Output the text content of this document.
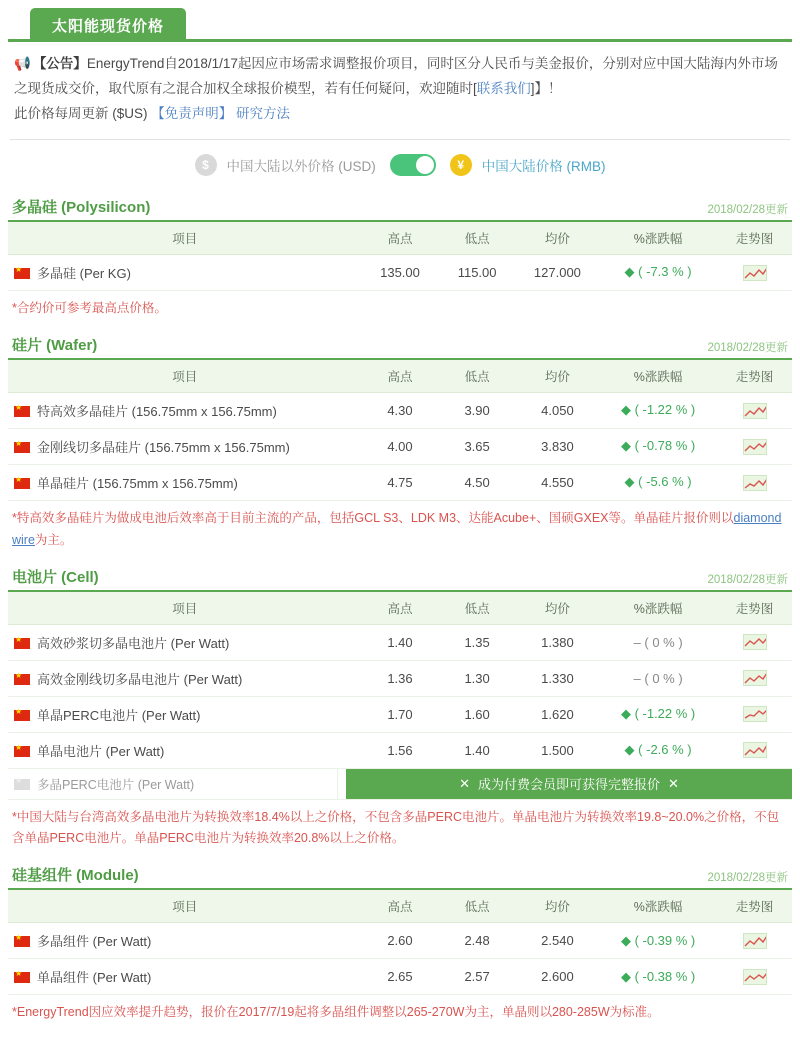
太阳能现货价格
📢 【公告】EnergyTrend自2018/1/17起因应市场需求调整报价项目，同时区分人民币与美金报价，分别对应中国大陆海内外市场之现货成交价，取代原有之混合加权全球报价模型，若有任何疑问，欢迎随时[联系我们]】！
此价格每周更新 ($US) 【免责声明】 研究方法
$	中国大陆以外价格 (USD)	¥	中国大陆价格 (RMB)
多晶硅 (Polysilicon)	2018/02/28更新
项目	高点	低点	均价	%涨跌幅	走势图
★多晶硅 (Per KG)	135.00	115.00	127.000	◆ ( -7.3 % )	
*合约价可参考最高点价格。
硅片 (Wafer)	2018/02/28更新
项目	高点	低点	均价	%涨跌幅	走势图
★特高效多晶硅片 (156.75mm x 156.75mm)	4.30	3.90	4.050	◆ ( -1.22 % )	

★金刚线切多晶硅片 (156.75mm x 156.75mm)	4.00	3.65	3.830	◆ ( -0.78 % )	

★单晶硅片 (156.75mm x 156.75mm)	4.75	4.50	4.550	◆ ( -5.6 % )	
*特高效多晶硅片为做成电池后效率高于目前主流的产品，包括GCL S3、LDK M3、达能Acube+、国硕GXEX等。单晶硅片报价则以diamond wire为主。
电池片 (Cell)	2018/02/28更新
项目	高点	低点	均价	%涨跌幅	走势图
★高效砂浆切多晶电池片 (Per Watt)	1.40	1.35	1.380	– ( 0 % )	

★高效金刚线切多晶电池片 (Per Watt)	1.36	1.30	1.330	– ( 0 % )	

★单晶PERC电池片 (Per Watt)	1.70	1.60	1.620	◆ ( -1.22 % )	

★单晶电池片 (Per Watt)	1.56	1.40	1.500	◆ ( -2.6 % )	
★多晶PERC电池片 (Per Watt)	✕ 成为付费会员即可获得完整报价 ✕
*中国大陆与台湾高效多晶电池片为转换效率18.4%以上之价格，不包含多晶PERC电池片。单晶电池片为转换效率19.8~20.0%之价格，不包含单晶PERC电池片。单晶PERC电池片为转换效率20.8%以上之价格。
硅基组件 (Module)	2018/02/28更新
项目	高点	低点	均价	%涨跌幅	走势图
★多晶组件 (Per Watt)	2.60	2.48	2.540	◆ ( -0.39 % )	

★单晶组件 (Per Watt)	2.65	2.57	2.600	◆ ( -0.38 % )	
*EnergyTrend因应效率提升趋势，报价在2017/7/19起将多晶组件调整以265-270W为主，单晶则以280-285W为标准。
